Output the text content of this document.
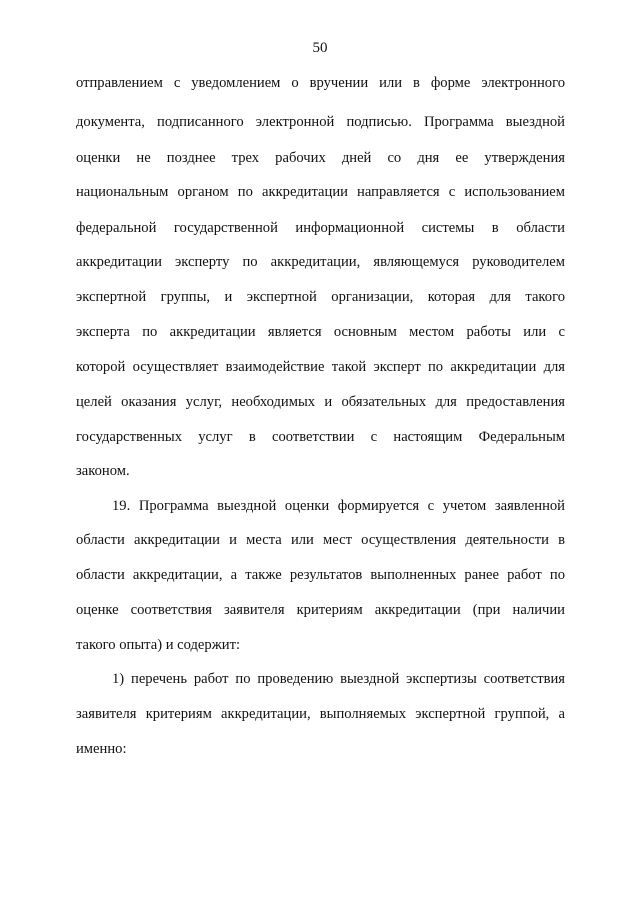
50
отправлением с уведомлением о вручении или в форме электронного
документа, подписанного электронной подписью. Программа выездной
оценки не позднее трех рабочих дней со дня ее утверждения
национальным органом по аккредитации направляется с использованием
федеральной государственной информационной системы в области
аккредитации эксперту по аккредитации, являющемуся руководителем
экспертной группы, и экспертной организации, которая для такого
эксперта по аккредитации является основным местом работы или с
которой осуществляет взаимодействие такой эксперт по аккредитации для
целей оказания услуг, необходимых и обязательных для предоставления
государственных услуг в соответствии с настоящим Федеральным
законом.
19. Программа выездной оценки формируется с учетом заявленной
области аккредитации и места или мест осуществления деятельности в
области аккредитации, а также результатов выполненных ранее работ по
оценке соответствия заявителя критериям аккредитации (при наличии
такого опыта) и содержит:
1) перечень работ по проведению выездной экспертизы соответствия
заявителя критериям аккредитации, выполняемых экспертной группой, а
именно:
